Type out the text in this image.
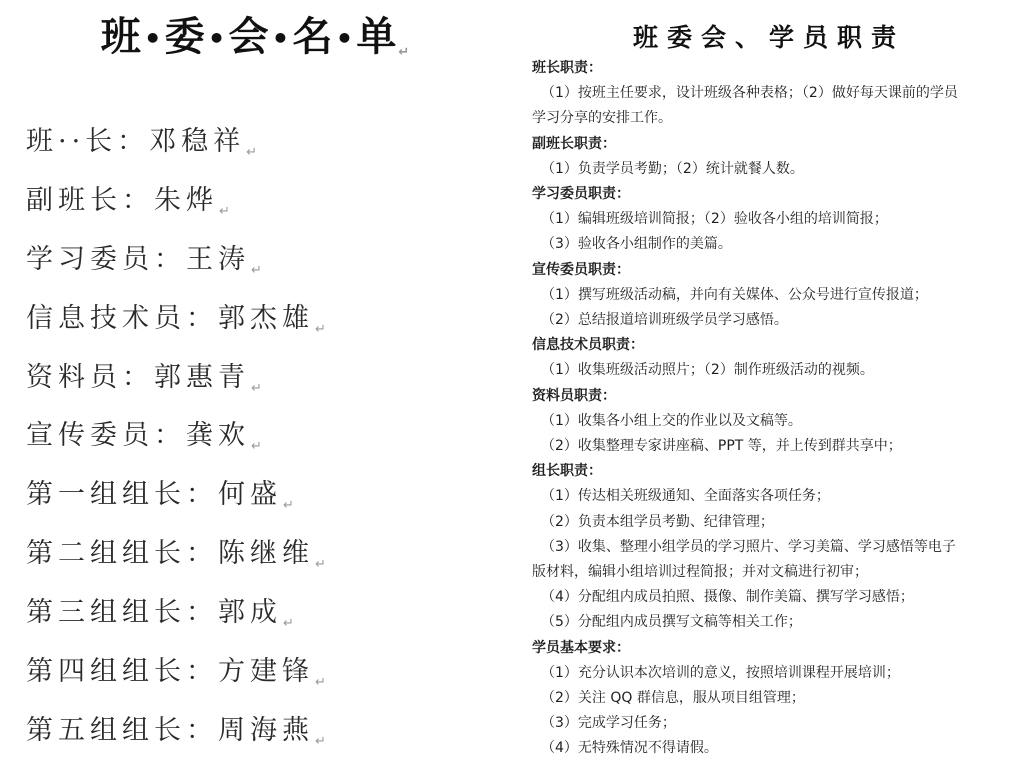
班•委•会•名•单↵
班··长：邓稳祥$_↵$
副班长：朱烨$_↵$
学习委员：王涛$_↵$
信息技术员：郭杰雄$_↵$
资料员：郭惠青$_↵$
宣传委员：龚欢$_↵$
第一组组长：何盛$_↵$
第二组组长：陈继维$_↵$
第三组组长：郭成$_↵$
第四组组长：方建锋$_↵$
第五组组长：周海燕$_↵$
班委会、学员职责
班长职责：
（1）按班主任要求，设计班级各种表格；（2）做好每天课前的学员
学习分享的安排工作。
副班长职责：
（1）负责学员考勤；（2）统计就餐人数。
学习委员职责：
（1）编辑班级培训简报；（2）验收各小组的培训简报；
（3）验收各小组制作的美篇。
宣传委员职责：
（1）撰写班级活动稿，并向有关媒体、公众号进行宣传报道；
（2）总结报道培训班级学员学习感悟。
信息技术员职责：
（1）收集班级活动照片；（2）制作班级活动的视频。
资料员职责：
（1）收集各小组上交的作业以及文稿等。
（2）收集整理专家讲座稿、PPT 等，并上传到群共享中；
组长职责：
（1）传达相关班级通知、全面落实各项任务；
（2）负责本组学员考勤、纪律管理；
（3）收集、整理小组学员的学习照片、学习美篇、学习感悟等电子
版材料，编辑小组培训过程简报；并对文稿进行初审；
（4）分配组内成员拍照、摄像、制作美篇、撰写学习感悟；
（5）分配组内成员撰写文稿等相关工作；
学员基本要求：
（1）充分认识本次培训的意义，按照培训课程开展培训；
（2）关注 QQ 群信息，服从项目组管理；
（3）完成学习任务；
（4）无特殊情况不得请假。
